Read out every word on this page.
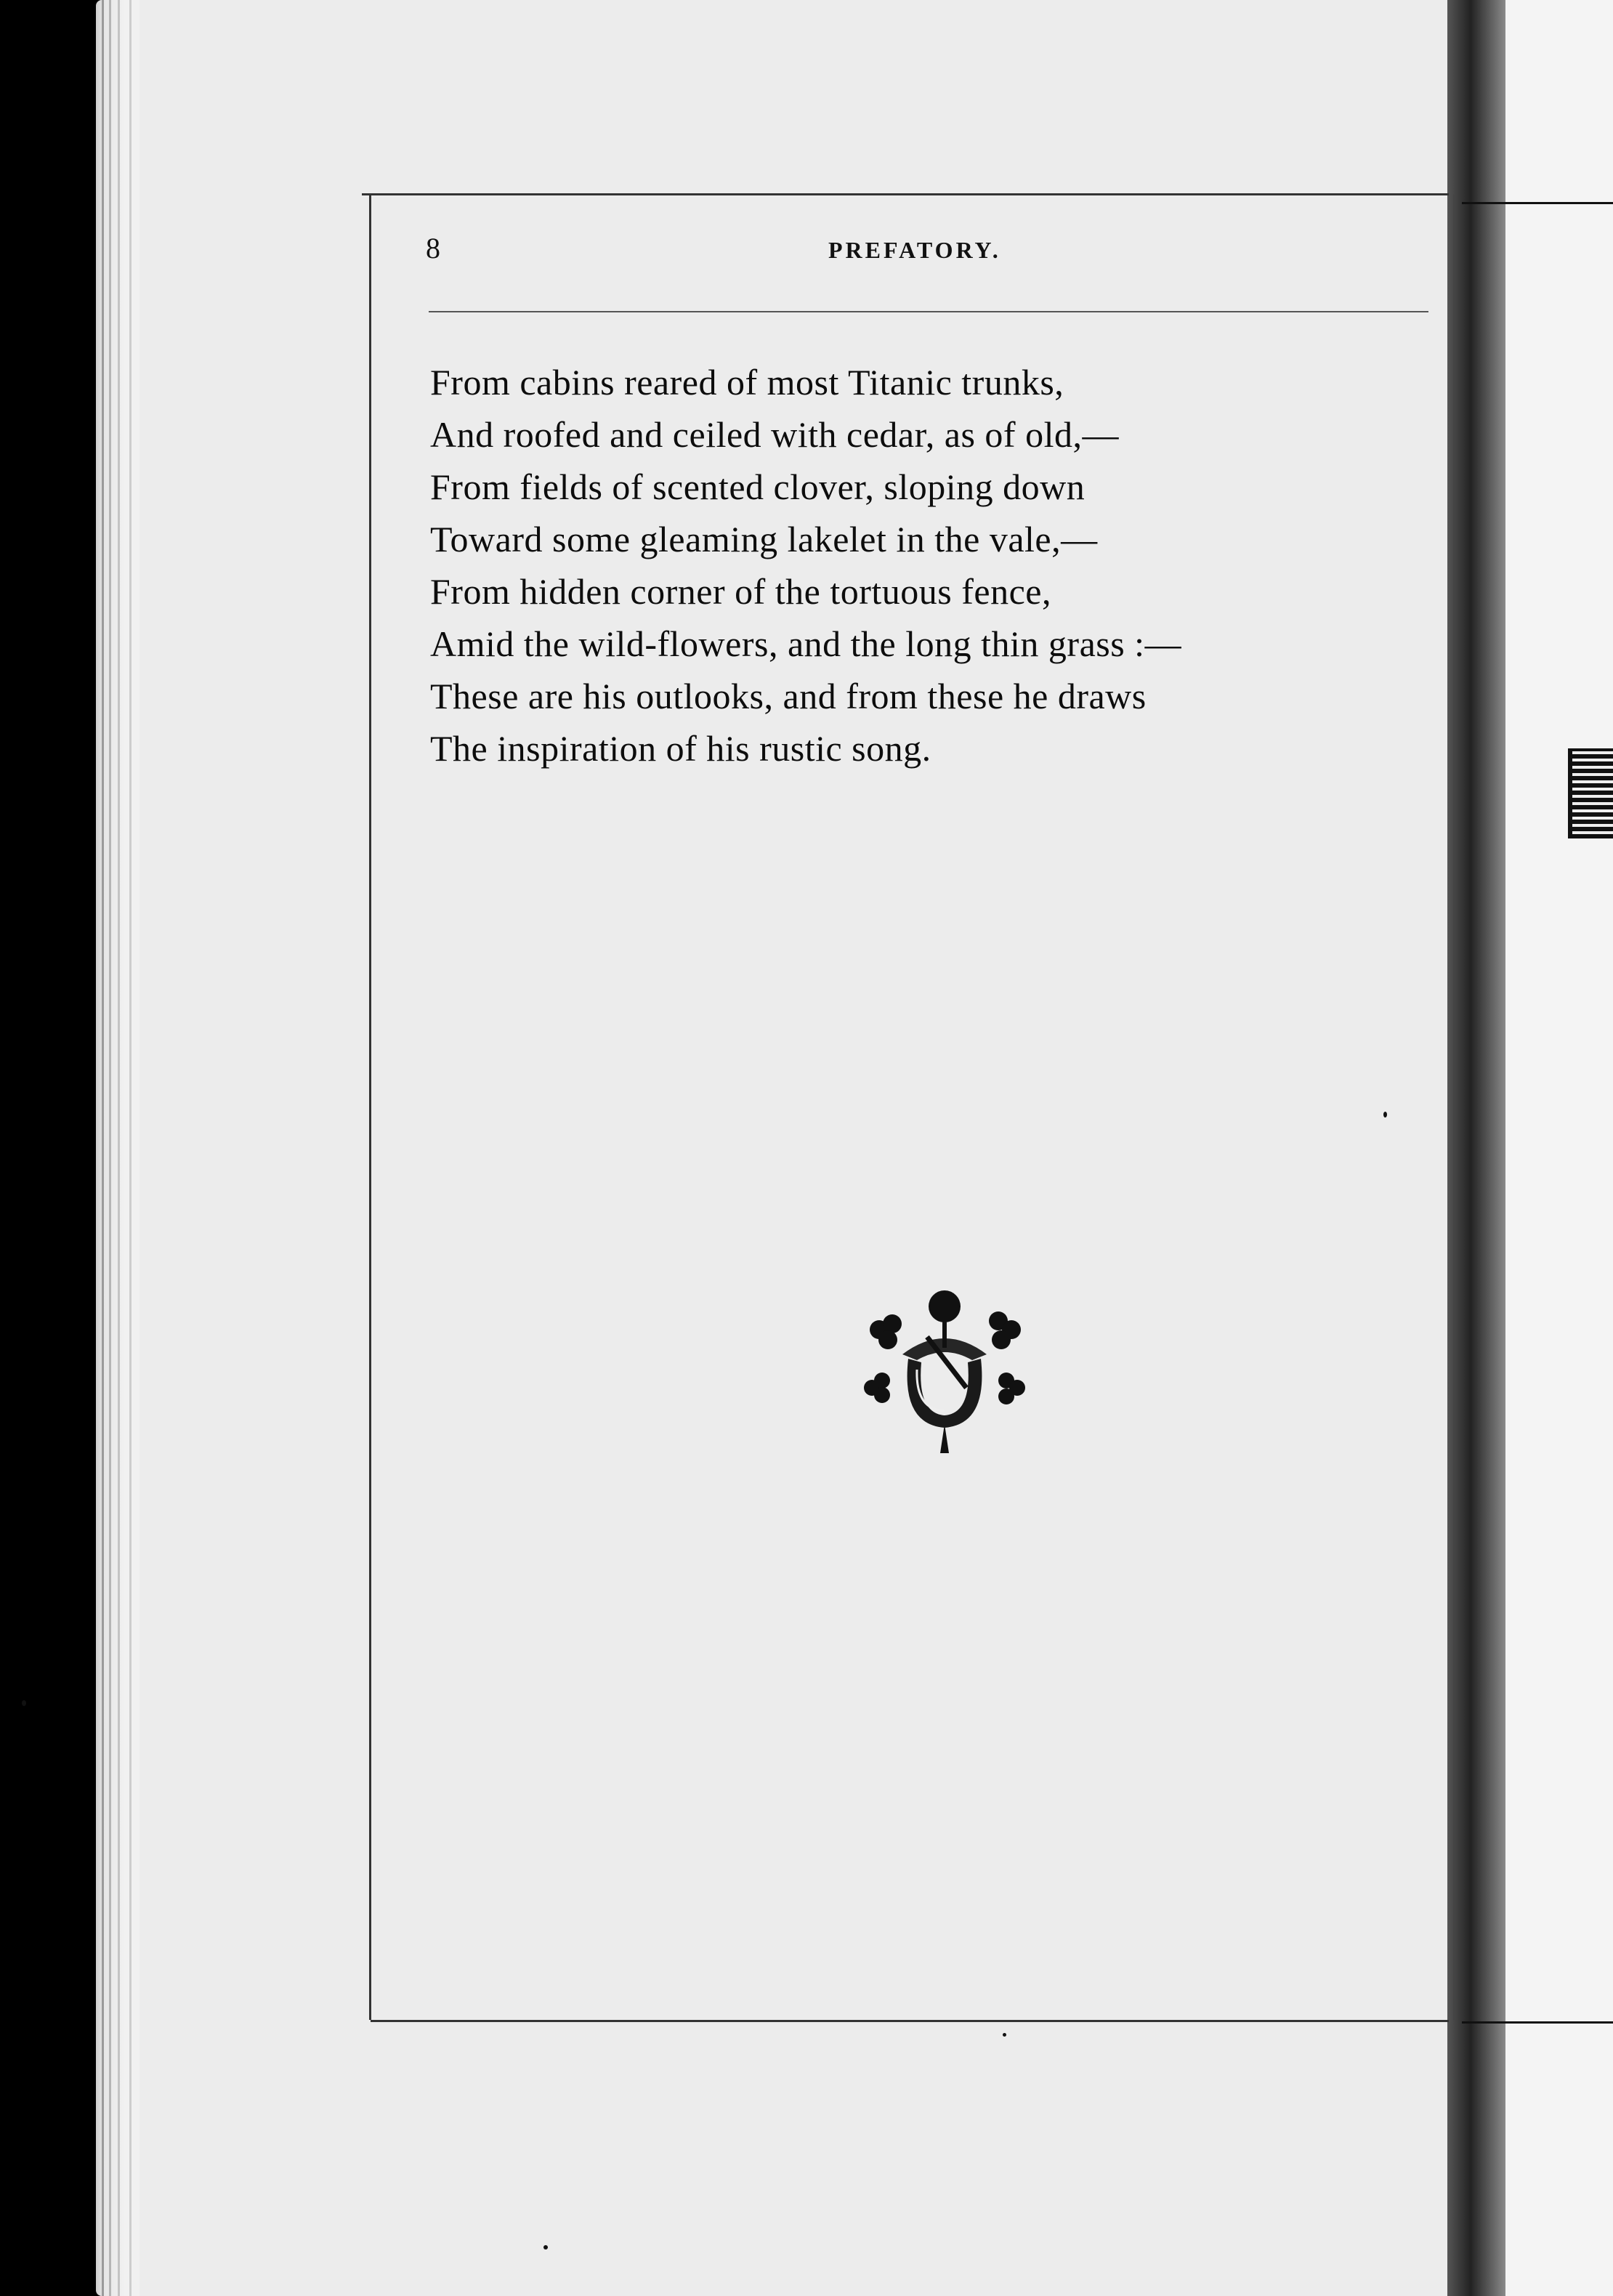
8	PREFATORY.
From cabins reared of most Titanic trunks,
And roofed and ceiled with cedar, as of old,—
From fields of scented clover, sloping down
Toward some gleaming lakelet in the vale,—
From hidden corner of the tortuous fence,
Amid the wild-flowers, and the long thin grass :—
These are his outlooks, and from these he draws
The inspiration of his rustic song.
